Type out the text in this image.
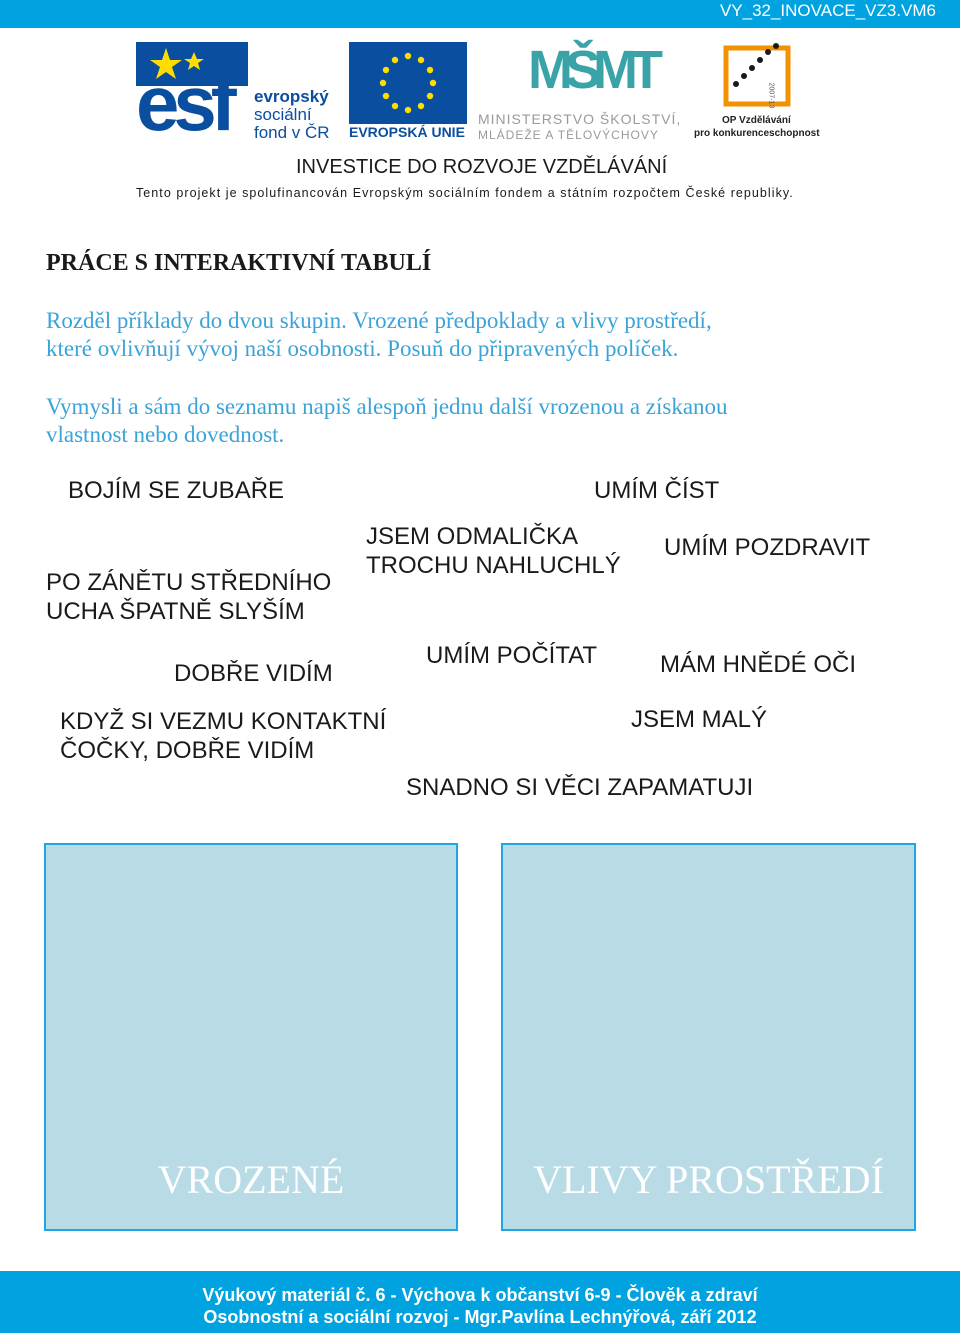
VY_32_INOVACE_VZ3.VM6
esf evropský
sociální
fond v ČR EVROPSKÁ UNIE
MŠMT
MINISTERSTVO ŠKOLSTVÍ,
MLÁDEŽE A TĚLOVÝCHOVY
2007-13
OP Vzdělávání
pro konkurenceschopnost
INVESTICE DO ROZVOJE VZDĚLÁVÁNÍ
Tento projekt je spolufinancován Evropským sociálním fondem a státním rozpočtem České republiky.
PRÁCE S INTERAKTIVNÍ TABULÍ
Rozděl příklady do dvou skupin. Vrozené předpoklady a vlivy prostředí,
které ovlivňují vývoj naší osobnosti. Posuň do připravených políček.
Vymysli a sám do seznamu napiš alespoň jednu další vrozenou a získanou
vlastnost nebo dovednost.
BOJÍM SE ZUBAŘE	UMÍM ČÍST
JSEM ODMALIČKA
TROCHU NAHLUCHLÝ
UMÍM POZDRAVIT
PO ZÁNĚTU STŘEDNÍHO
UCHA ŠPATNĚ SLYŠÍM
UMÍM POČÍTAT
DOBŘE VIDÍM	MÁM HNĚDÉ OČI
KDYŽ SI VEZMU KONTAKTNÍ
ČOČKY, DOBŘE VIDÍM
JSEM MALÝ
SNADNO SI VĚCI ZAPAMATUJI
VROZENÉ	VLIVY PROSTŘEDÍ
Výukový materiál č. 6 - Výchova k občanství 6-9 - Člověk a zdraví
Osobnostní a sociální rozvoj - Mgr.Pavlína Lechnýřová, září 2012
